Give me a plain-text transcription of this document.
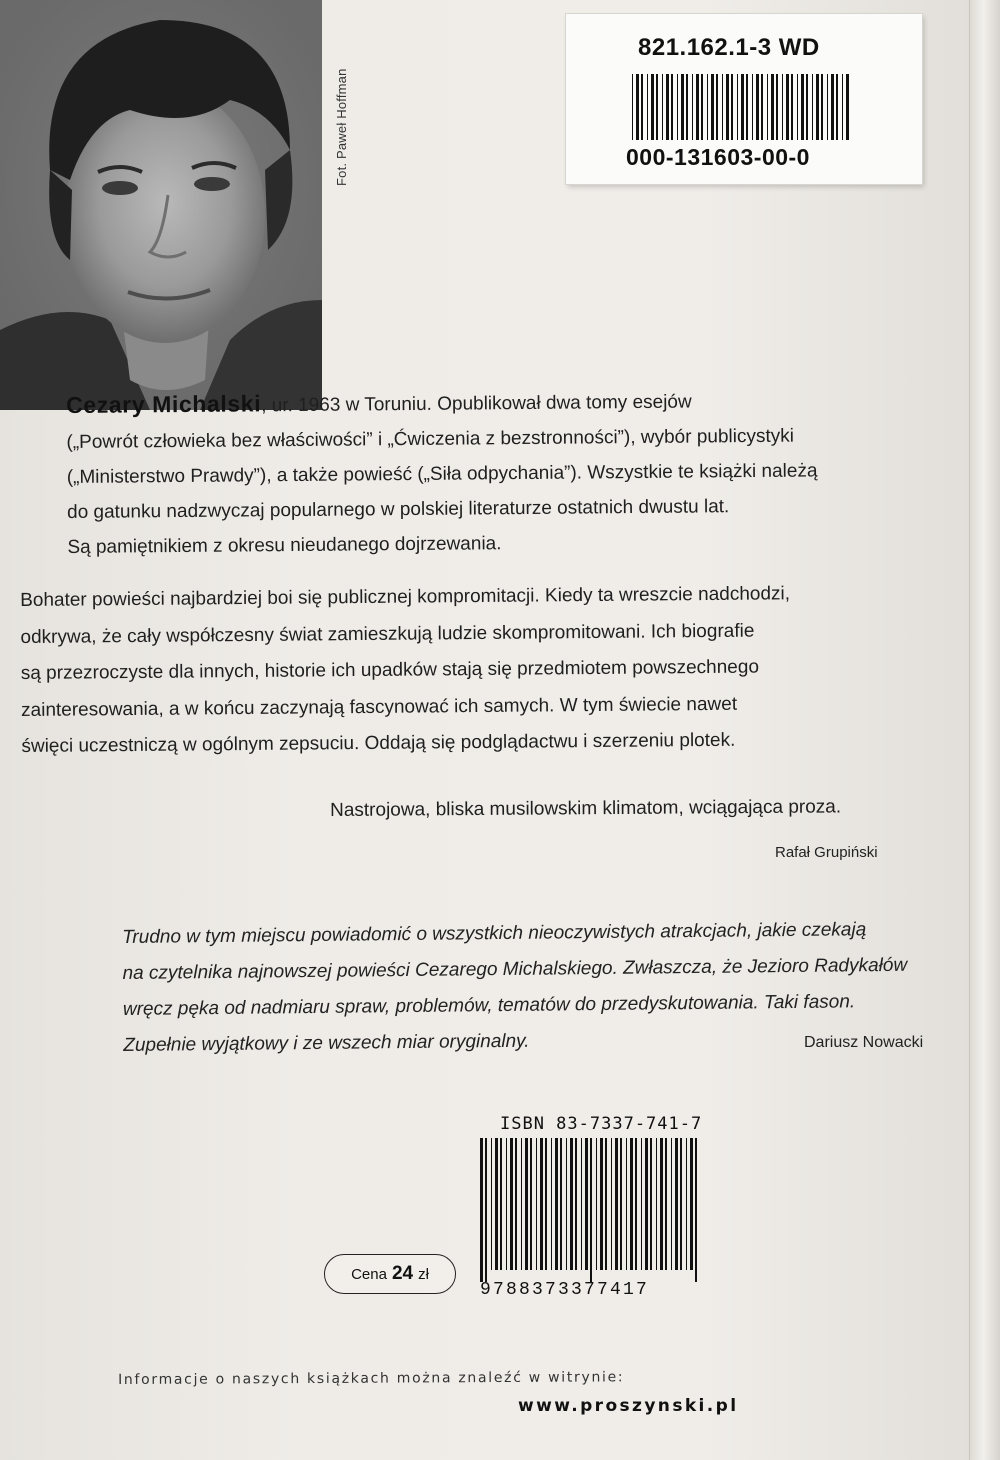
Fot. Paweł Hoffman
821.162.1-3 WD
000-131603-00-0
Cezary Michalski, ur. 1963 w Toruniu. Opublikował dwa tomy esejów
(„Powrót człowieka bez właściwości” i „Ćwiczenia z bezstronności”), wybór publicystyki
(„Ministerstwo Prawdy”), a także powieść („Siła odpychania”). Wszystkie te książki należą
do gatunku nadzwyczaj popularnego w polskiej literaturze ostatnich dwustu lat.
Są pamiętnikiem z okresu nieudanego dojrzewania.
Bohater powieści najbardziej boi się publicznej kompromitacji. Kiedy ta wreszcie nadchodzi,
odkrywa, że cały współczesny świat zamieszkują ludzie skompromitowani. Ich biografie
są przezroczyste dla innych, historie ich upadków stają się przedmiotem powszechnego
zainteresowania, a w końcu zaczynają fascynować ich samych. W tym świecie nawet
święci uczestniczą w ogólnym zepsuciu. Oddają się podglądactwu i szerzeniu plotek.
Nastrojowa, bliska musilowskim klimatom, wciągająca proza.
Rafał Grupiński
Trudno w tym miejscu powiadomić o wszystkich nieoczywistych atrakcjach, jakie czekają
na czytelnika najnowszej powieści Cezarego Michalskiego. Zwłaszcza, że Jezioro Radykałów
wręcz pęka od nadmiaru spraw, problemów, tematów do przedyskutowania. Taki fason.
Zupełnie wyjątkowy i ze wszech miar oryginalny.	Dariusz Nowacki
ISBN 83-7337-741-7
9788373377417
Cena 24 zł
Informacje o naszych książkach można znaleźć w witrynie:
www.proszynski.pl
